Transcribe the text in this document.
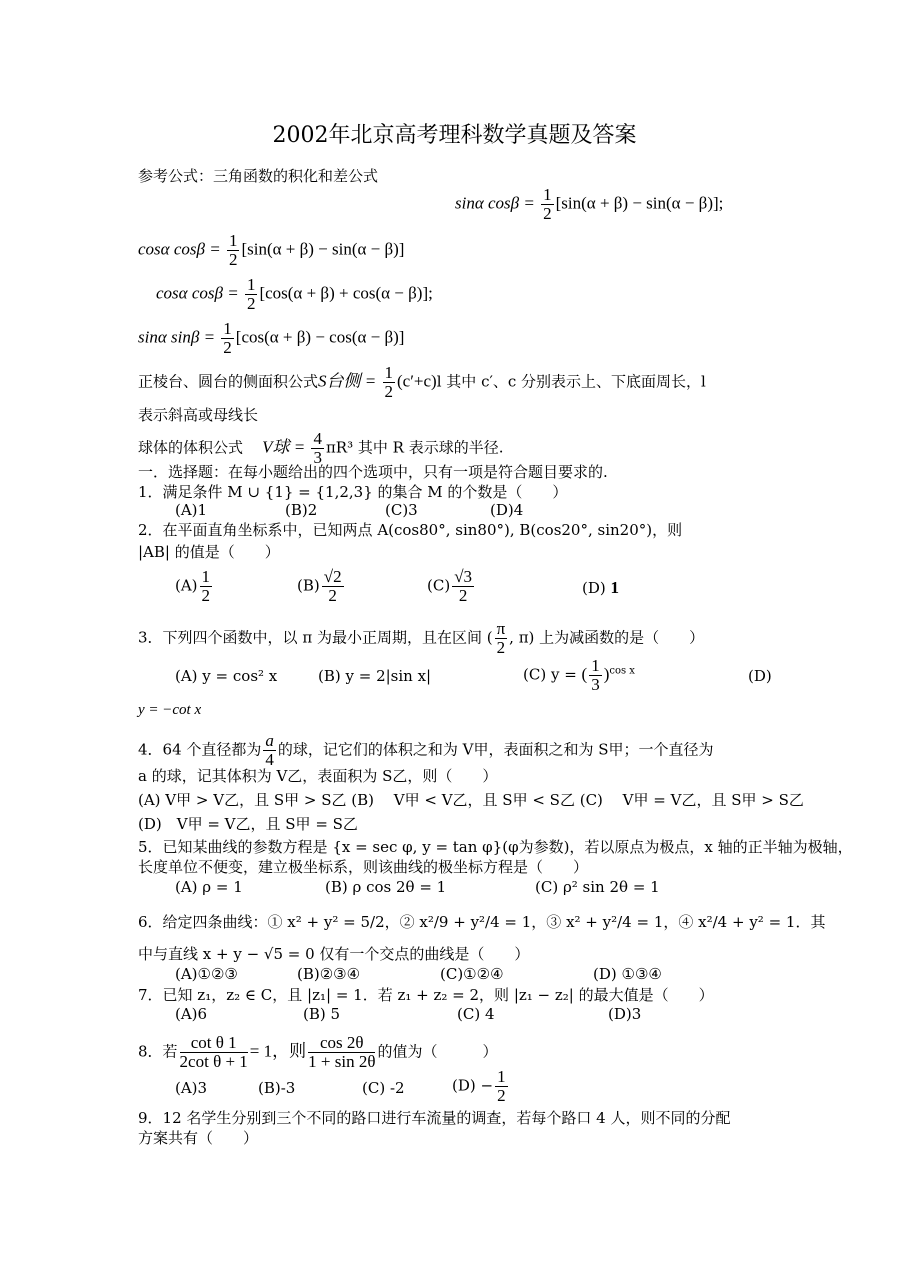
2002年北京高考理科数学真题及答案
参考公式：三角函数的积化和差公式
sinα $\cos\beta = \frac{1}{2} [\sin(\alpha + \beta) - \sin(\alpha - \beta)]$;
cosα $\cos\beta = \frac{1}{2} [\sin(\alpha + \beta) - \sin(\alpha - \beta)]$
cosα $\cos\beta = \frac{1}{2} [\cos(\alpha + \beta) + \cos(\alpha - \beta)]$;
sinα $\sin\beta = \frac{1}{2} [\cos(\alpha + \beta) - \cos(\alpha - \beta)]$
正棱台、圆台的侧面积公式S台侧 = $\frac{1}{2} (c'+c)l$ 其中 c′、c 分别表示上、下底面周长，l
表示斜高或母线长
球体的体积公式 V球 = $\frac{4}{3} \pi R^3$ 其中 R 表示球的半径.
一．选择题：在每小题给出的四个选项中，只有一项是符合题目要求的.
1．满足条件 M ∪ {1} = {1,2,3} 的集合 M 的个数是（　　）
(A)1	(B)2	(C)3	(D)4
2．在平面直角坐标系中，已知两点 A(cos80°, sin80°), B(cos20°, sin20°)，则
|AB| 的值是（　　）
$(A) \frac{1}{2}$	$(B) \frac{√2}{2}$	$(C) \frac{√3}{2}$	(D) 1
3．下列四个函数中，以 π 为最小正周期，且在区间 ( $\frac{\pi}{2}$ , π) 上为减函数的是（　　）
(A) y = cos² x	(B) y = 2|sin x|	(C) y = ( $\frac{1}{3} )^{cos x}$	(D)
y = −cot x
4．64 个直径都为 $\frac{a}{4}$ 的球，记它们的体积之和为 V甲，表面积之和为 S甲；一个直径为
a 的球，记其体积为 V乙，表面积为 S乙，则（　　）
(A) V甲 > V乙，且 S甲 > S乙 (B)　 V甲 < V乙，且 S甲 < S乙 (C)　 V甲 = V乙，且 S甲 > S乙
(D)　V甲 = V乙，且 S甲 = S乙
5．已知某曲线的参数方程是 {x = sec φ, y = tan φ}(φ为参数)，若以原点为极点，x 轴的正半轴为极轴，
长度单位不便变，建立极坐标系，则该曲线的极坐标方程是（　　）
(A) ρ = 1	(B) ρ cos 2θ = 1	(C) ρ² sin 2θ = 1
6．给定四条曲线：① x² + y² = 5/2，② x²/9 + y²/4 = 1，③ x² + y²/4 = 1，④ x²/4 + y² = 1．其
中与直线 x + y − √5 = 0 仅有一个交点的曲线是（　　）
(A)①②③	(B)②③④	(C)①②④	(D) ①③④
7．已知 z₁，z₂ ∈ C，且 |z₁| = 1．若 z₁ + z₂ = 2，则 |z₁ − z₂| 的最大值是（　　）
(A)6	(B) 5	(C) 4	(D)3
8．若 $\frac{\text{cot θ 1}}{\text{2cot θ + 1}} = 1$，则 $\frac{\cos 2\theta}{1 + \sin 2\theta}$ 的值为（　　　）
(A)3	(B)-3	(C) -2	$(D) - \frac{1}{2}$
9．12 名学生分别到三个不同的路口进行车流量的调查，若每个路口 4 人，则不同的分配
方案共有（　　）
